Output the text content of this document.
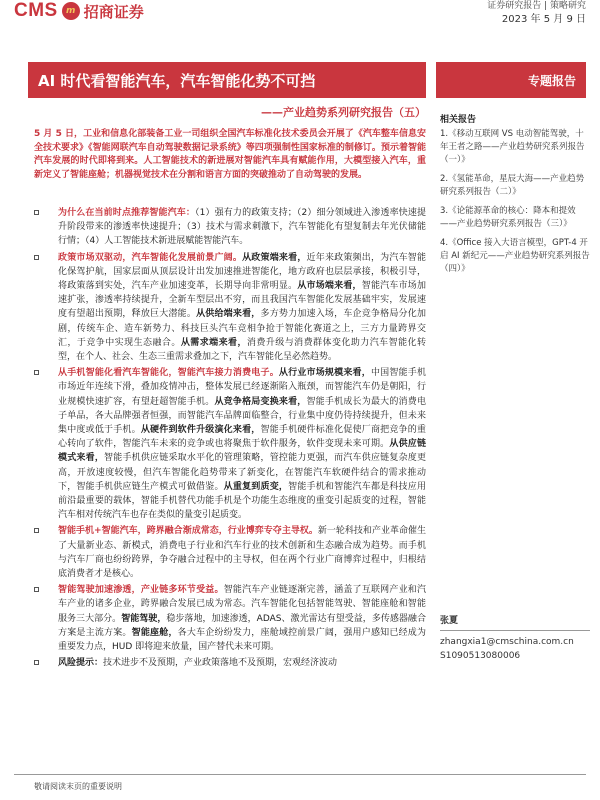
CMS m 招商证券	证券研究报告 | 策略研究
2023 年 5 月 9 日
AI 时代看智能汽车，汽车智能化势不可挡
——产业趋势系列研究报告（五）
专题报告
相关报告
1.《移动互联网 VS 电动智能驾驶，十年王者之路——产业趋势研究系列报告（一）》
2.《氢能革命，星辰大海——产业趋势研究系列报告（二）》
3.《论能源革命的核心：降本和提效——产业趋势研究系列报告（三）》
4.《Office 接入大语言模型，GPT-4 开启 AI 新纪元——产业趋势研究系列报告（四）》
5 月 5 日，工业和信息化部装备工业一司组织全国汽车标准化技术委员会开展了《汽车整车信息安全技术要求》《智能网联汽车自动驾驶数据记录系统》等四项强制性国家标准的制修订。预示着智能汽车发展的时代即将到来。人工智能技术的新进展对智能汽车具有赋能作用，大模型接入汽车，重新定义了智能座舱；机器视觉技术在分割和语言方面的突破推动了自动驾驶的发展。
为什么在当前时点推荐智能汽车：（1）强有力的政策支持；（2）细分领域进入渗透率快速提升阶段带来的渗透率快速提升；（3）技术与需求刺激下，汽车智能化有望复制去年光伏储能行情；（4）人工智能技术新进展赋能智能汽车。
政策市场双驱动，汽车智能化发展前景广阔。从政策端来看，近年来政策频出，为汽车智能化保驾护航，国家层面从顶层设计出发加速推进智能化，地方政府也层层承接，积极引导，将政策落到实处，汽车产业加速变革，长期导向非常明显。从市场端来看，智能汽车市场加速扩张，渗透率持续提升，全新车型层出不穷，而且我国汽车智能化发展基础牢实，发展速度有望超出预期，释放巨大潜能。从供给端来看，多方势力加速入场，车企竞争格局分化加剧，传统车企、造车新势力、科技巨头汽车竞相争抢于智能化赛道之上，三方力量跨界交汇，于竞争中实现生态融合。从需求端来看，消费升级与消费群体变化助力汽车智能化转型，在个人、社会、生态三重需求叠加之下，汽车智能化呈必然趋势。
从手机智能化看汽车智能化，智能汽车接力消费电子。从行业市场规模来看，中国智能手机市场近年连续下滑，叠加疫情冲击，整体发展已经逐渐陷入瓶颈，而智能汽车仍是朝阳，行业规模快速扩容，有望赶超智能手机。从竞争格局变换来看，智能手机成长为最大的消费电子单品，各大品牌强者恒强，而智能汽车品牌面临整合，行业集中度仍待持续提升，但未来集中度或低于手机。从硬件到软件升级演化来看，智能手机硬件标准化促使厂商把竞争的重心转向了软件，智能汽车未来的竞争或也将聚焦于软件服务，软件变现未来可期。从供应链模式来看，智能手机供应链采取水平化的管理策略，管控能力更强，而汽车供应链复杂度更高，开放速度较慢，但汽车智能化趋势带来了新变化，在智能汽车软硬件结合的需求推动下，智能手机供应链生产模式可做借鉴。从重复到质变，智能手机和智能汽车都是科技应用前沿最重要的载体，智能手机替代功能手机是个功能生态维度的重变引起质变的过程，智能汽车相对传统汽车也存在类似的量变引起质变。
智能手机+智能汽车，跨界融合渐成常态，行业博弈专夺主导权。新一轮科技和产业革命催生了大量新业态、新模式，消费电子行业和汽车行业的技术创新和生态融合成为趋势。而手机与汽车厂商也纷纷跨界，争夺融合过程中的主导权，但在两个行业广商博弈过程中，归根结底消费者才是核心。
智能驾驶加速渗透，产业链多环节受益。智能汽车产业链逐渐完善，涵盖了互联网产业和汽车产业的诸多企业，跨界融合发展已成为常态。汽车智能化包括智能驾驶、智能座舱和智能服务三大部分。智能驾驶，稳步落地，加速渗透，ADAS、激光雷达有望受益，多传感器融合方案是主流方案。智能座舱，各大车企纷纷发力，座舱域控前景广阔，强用户感知已经成为重要发力点，HUD 即将迎来放量，国产替代未来可期。
风险提示：技术进步不及预期，产业政策落地不及预期，宏观经济波动
张夏
zhangxia1@cmschina.com.cn
S1090513080006
敬请阅读末页的重要说明
